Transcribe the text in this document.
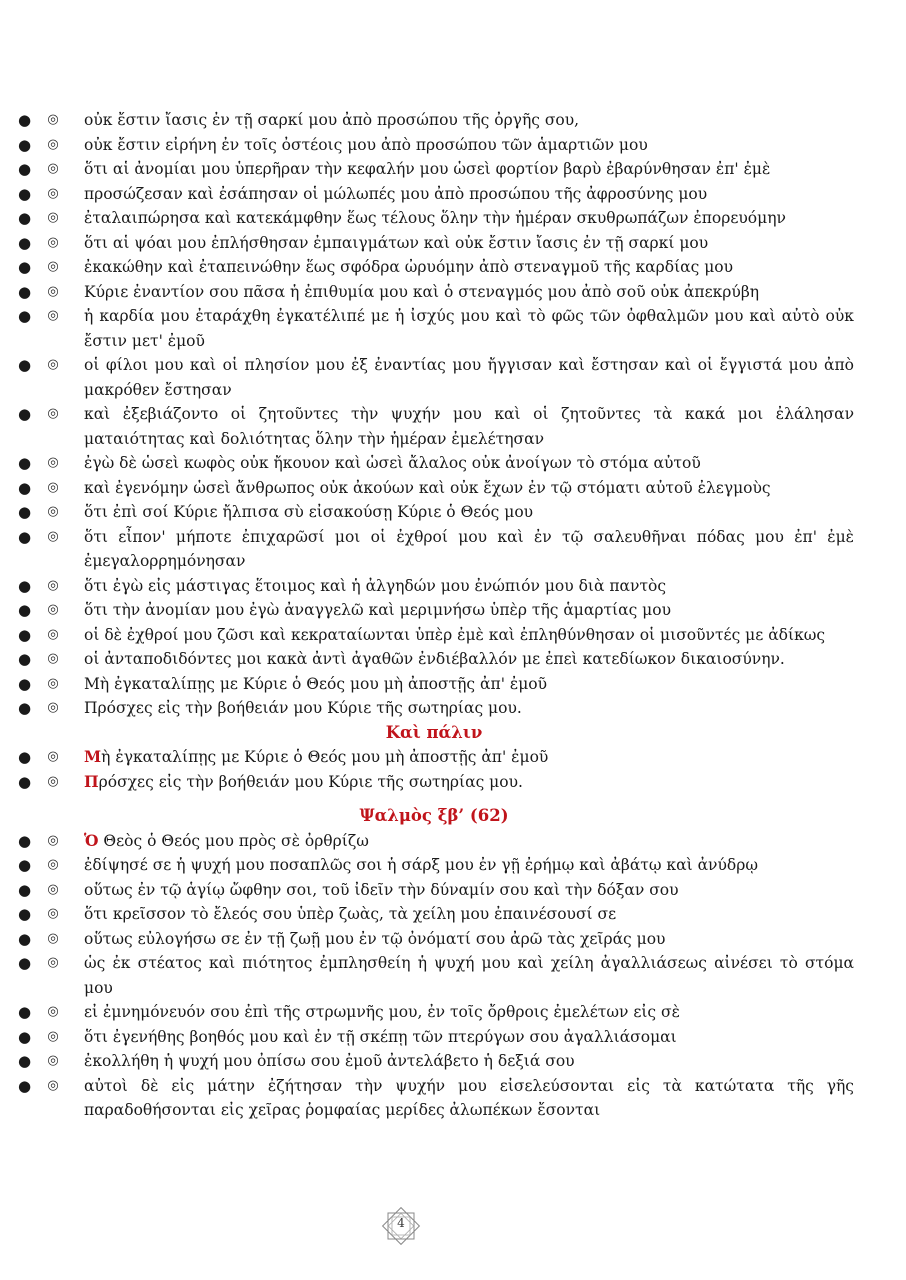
● ◎ οὐκ ἔστιν ἴασις ἐν τῇ σαρκί μου ἀπὸ προσώπου τῆς ὀργῆς σου,
● ◎ οὐκ ἔστιν εἰρήνη ἐν τοῖς ὀστέοις μου ἀπὸ προσώπου τῶν ἁμαρτιῶν μου
● ◎ ὅτι αἱ ἀνομίαι μου ὑπερῆραν τὴν κεφαλήν μου ὡσεὶ φορτίον βαρὺ ἐβαρύνθησαν ἐπ' ἐμὲ
● ◎ προσώζεσαν καὶ ἐσάπησαν οἱ μώλωπές μου ἀπὸ προσώπου τῆς ἀφροσύνης μου
● ◎ ἐταλαιπώρησα καὶ κατεκάμφθην ἕως τέλους ὅλην τὴν ἡμέραν σκυθρωπάζων ἐπορευόμην
● ◎ ὅτι αἱ ψόαι μου ἐπλήσθησαν ἐμπαιγμάτων καὶ οὐκ ἔστιν ἴασις ἐν τῇ σαρκί μου
● ◎ ἐκακώθην καὶ ἐταπεινώθην ἕως σφόδρα ὠρυόμην ἀπὸ στεναγμοῦ τῆς καρδίας μου
● ◎ Κύριε ἐναντίον σου πᾶσα ἡ ἐπιθυμία μου καὶ ὁ στεναγμός μου ἀπὸ σοῦ οὐκ ἀπεκρύβη
● ◎ ἡ καρδία μου ἐταράχθη ἐγκατέλιπέ με ἡ ἰσχύς μου καὶ τὸ φῶς τῶν ὀφθαλμῶν μου καὶ αὐτὸ οὐκ ἔστιν μετ' ἐμοῦ
● ◎ οἱ φίλοι μου καὶ οἱ πλησίον μου ἐξ ἐναντίας μου ἤγγισαν καὶ ἔστησαν καὶ οἱ ἔγγιστά μου ἀπὸ μακρόθεν ἔστησαν
● ◎ καὶ ἐξεβιάζοντο οἱ ζητοῦντες τὴν ψυχήν μου καὶ οἱ ζητοῦντες τὰ κακά μοι ἐλάλησαν ματαιότητας καὶ δολιότητας ὅλην τὴν ἡμέραν ἐμελέτησαν
● ◎ ἐγὼ δὲ ὡσεὶ κωφὸς οὐκ ἤκουον καὶ ὡσεὶ ἄλαλος οὐκ ἀνοίγων τὸ στόμα αὐτοῦ
● ◎ καὶ ἐγενόμην ὡσεὶ ἄνθρωπος οὐκ ἀκούων καὶ οὐκ ἔχων ἐν τῷ στόματι αὐτοῦ ἐλεγμοὺς
● ◎ ὅτι ἐπὶ σοί Κύριε ἤλπισα σὺ εἰσακούσῃ Κύριε ὁ Θεός μου
● ◎ ὅτι εἶπον' μήποτε ἐπιχαρῶσί μοι οἱ ἐχθροί μου καὶ ἐν τῷ σαλευθῆναι πόδας μου ἐπ' ἐμὲ ἐμεγαλορρημόνησαν
● ◎ ὅτι ἐγὼ εἰς μάστιγας ἕτοιμος καὶ ἡ ἀλγηδών μου ἐνώπιόν μου διὰ παντὸς
● ◎ ὅτι τὴν ἀνομίαν μου ἐγὼ ἀναγγελῶ καὶ μεριμνήσω ὑπὲρ τῆς ἁμαρτίας μου
● ◎ οἱ δὲ ἐχθροί μου ζῶσι καὶ κεκραταίωνται ὑπὲρ ἐμὲ καὶ ἐπληθύνθησαν οἱ μισοῦντές με ἀδίκως
● ◎ οἱ ἀνταποδιδόντες μοι κακὰ ἀντὶ ἀγαθῶν ἐνδιέβαλλόν με ἐπεὶ κατεδίωκον δικαιοσύνην.
● ◎ Μὴ ἐγκαταλίπῃς με Κύριε ὁ Θεός μου μὴ ἀποστῇς ἀπ' ἐμοῦ
● ◎ Πρόσχες εἰς τὴν βοήθειάν μου Κύριε τῆς σωτηρίας μου.
Καὶ πάλιν
● ◎ Μὴ ἐγκαταλίπῃς με Κύριε ὁ Θεός μου μὴ ἀποστῇς ἀπ' ἐμοῦ
● ◎ Πρόσχες εἰς τὴν βοήθειάν μου Κύριε τῆς σωτηρίας μου.
Ψαλμὸς ξβ’ (62)
● ◎ Ὁ Θεὸς ὁ Θεός μου πρὸς σὲ ὀρθρίζω
● ◎ ἐδίψησέ σε ἡ ψυχή μου ποσαπλῶς σοι ἡ σάρξ μου ἐν γῇ ἐρήμῳ καὶ ἀβάτῳ καὶ ἀνύδρῳ
● ◎ οὕτως ἐν τῷ ἁγίῳ ὤφθην σοι, τοῦ ἰδεῖν τὴν δύναμίν σου καὶ τὴν δόξαν σου
● ◎ ὅτι κρεῖσσον τὸ ἔλεός σου ὑπὲρ ζωὰς, τὰ χείλη μου ἐπαινέσουσί σε
● ◎ οὕτως εὐλογήσω σε ἐν τῇ ζωῇ μου ἐν τῷ ὀνόματί σου ἀρῶ τὰς χεῖράς μου
● ◎ ὡς ἐκ στέατος καὶ πιότητος ἐμπλησθείη ἡ ψυχή μου καὶ χείλη ἀγαλλιάσεως αἰνέσει τὸ στόμα μου
● ◎ εἰ ἐμνημόνευόν σου ἐπὶ τῆς στρωμνῆς μου, ἐν τοῖς ὄρθροις ἐμελέτων εἰς σὲ
● ◎ ὅτι ἐγενήθης βοηθός μου καὶ ἐν τῇ σκέπῃ τῶν πτερύγων σου ἀγαλλιάσομαι
● ◎ ἐκολλήθη ἡ ψυχή μου ὀπίσω σου ἐμοῦ ἀντελάβετο ἡ δεξιά σου
● ◎ αὐτοὶ δὲ εἰς μάτην ἐζήτησαν τὴν ψυχήν μου εἰσελεύσονται εἰς τὰ κατώτατα τῆς γῆς παραδοθήσονται εἰς χεῖρας ῥομφαίας μερίδες ἀλωπέκων ἔσονται
4
